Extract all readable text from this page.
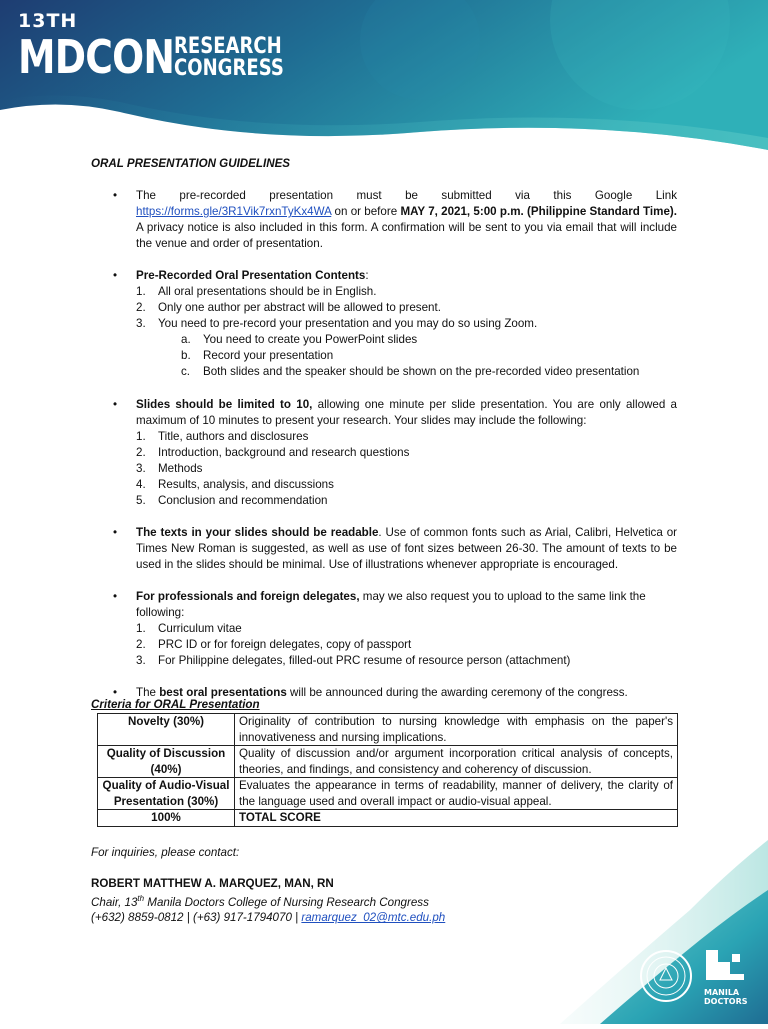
13TH
MDCON RESEARCH
CONGRESS

ORAL PRESENTATION GUIDELINES

• The pre-recorded presentation must be submitted via this Google Link https://forms.gle/3R1Vik7rxnTyKx4WA on or before MAY 7, 2021, 5:00 p.m. (Philippine Standard Time). A privacy notice is also included in this form. A confirmation will be sent to you via email that will include the venue and order of presentation.

• Pre-Recorded Oral Presentation Contents:

1. All oral presentations should be in English.

2. Only one author per abstract will be allowed to present.

3. You need to pre-record your presentation and you may do so using Zoom.

a. You need to create you PowerPoint slides

b. Record your presentation

c. Both slides and the speaker should be shown on the pre-recorded video presentation

• Slides should be limited to 10, allowing one minute per slide presentation. You are only allowed a maximum of 10 minutes to present your research. Your slides may include the following:

1. Title, authors and disclosures

2. Introduction, background and research questions

3. Methods

4. Results, analysis, and discussions

5. Conclusion and recommendation

• The texts in your slides should be readable. Use of common fonts such as Arial, Calibri, Helvetica or Times New Roman is suggested, as well as use of font sizes between 26-30. The amount of texts to be used in the slides should be minimal. Use of illustrations whenever appropriate is encouraged.

• For professionals and foreign delegates, may we also request you to upload to the same link the following:

1. Curriculum vitae

2. PRC ID or for foreign delegates, copy of passport

3. For Philippine delegates, filled-out PRC resume of resource person (attachment)

• The best oral presentations will be announced during the awarding ceremony of the congress.

Criteria for ORAL Presentation
Novelty (30%)	Originality of contribution to nursing knowledge with emphasis on the paper's innovativeness and nursing implications.
Quality of Discussion (40%)	Quality of discussion and/or argument incorporation critical analysis of concepts, theories, and findings, and consistency and coherency of discussion.
Quality of Audio-Visual Presentation (30%)	Evaluates the appearance in terms of readability, manner of delivery, the clarity of the language used and overall impact or audio-visual appeal.
100%	TOTAL SCORE
MANILA
DOCTORS
For inquiries, please contact:
ROBERT MATTHEW A. MARQUEZ, MAN, RN
Chair, 13th Manila Doctors College of Nursing Research Congress
(+632) 8859-0812 | (+63) 917-1794070 | ramarquez_02@mtc.edu.ph
